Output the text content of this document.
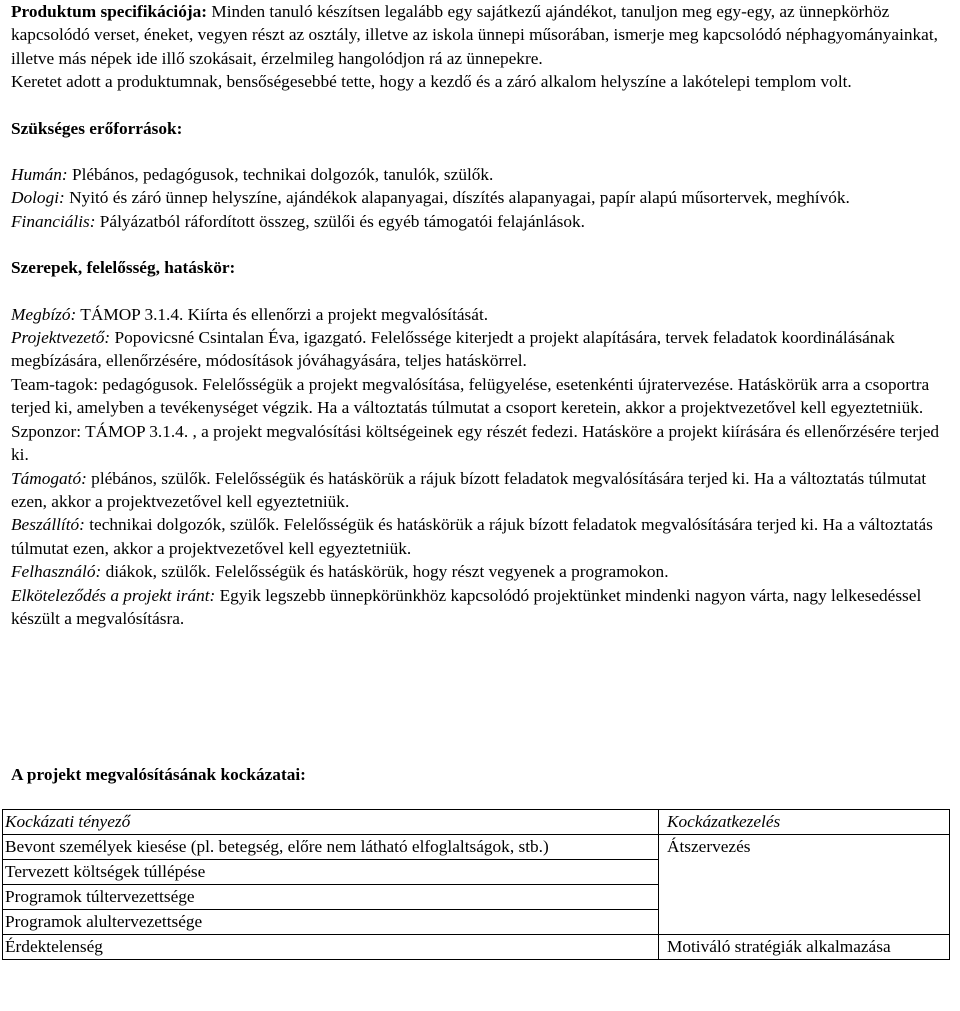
Produktum specifikációja: Minden tanuló készítsen legalább egy sajátkezű ajándékot, tanuljon meg egy-egy, az ünnepkörhöz kapcsolódó verset, éneket, vegyen részt az osztály, illetve az iskola ünnepi műsorában, ismerje meg kapcsolódó néphagyományainkat, illetve más népek ide illő szokásait, érzelmileg hangolódjon rá az ünnepekre.

Keretet adott a produktumnak, bensőségesebbé tette, hogy a kezdő és a záró alkalom helyszíne a lakótelepi templom volt.

Szükséges erőforrások:

Humán: Plébános, pedagógusok, technikai dolgozók, tanulók, szülők.

Dologi: Nyitó és záró ünnep helyszíne, ajándékok alapanyagai, díszítés alapanyagai, papír alapú műsortervek, meghívók.

Financiális: Pályázatból ráfordított összeg, szülői és egyéb támogatói felajánlások.

Szerepek, felelősség, hatáskör:

Megbízó: TÁMOP 3.1.4. Kiírta és ellenőrzi a projekt megvalósítását.

Projektvezető: Popovicsné Csintalan Éva, igazgató. Felelőssége kiterjedt a projekt alapítására, tervek feladatok koordinálásának megbízására, ellenőrzésére, módosítások jóváhagyására, teljes hatáskörrel.

Team-tagok: pedagógusok. Felelősségük a projekt megvalósítása, felügyelése, esetenkénti újratervezése. Hatáskörük arra a csoportra terjed ki, amelyben a tevékenységet végzik. Ha a változtatás túlmutat a csoport keretein, akkor a projektvezetővel kell egyeztetniük.

Szponzor: TÁMOP 3.1.4. , a projekt megvalósítási költségeinek egy részét fedezi. Hatásköre a projekt kiírására és ellenőrzésére terjed ki.

Támogató: plébános, szülők. Felelősségük és hatáskörük a rájuk bízott feladatok megvalósítására terjed ki. Ha a változtatás túlmutat ezen, akkor a projektvezetővel kell egyeztetniük.

Beszállító: technikai dolgozók, szülők. Felelősségük és hatáskörük a rájuk bízott feladatok megvalósítására terjed ki. Ha a változtatás túlmutat ezen, akkor a projektvezetővel kell egyeztetniük.

Felhasználó: diákok, szülők. Felelősségük és hatáskörük, hogy részt vegyenek a programokon.

Elköteleződés a projekt iránt: Egyik legszebb ünnepkörünkhöz kapcsolódó projektünket mindenki nagyon várta, nagy lelkesedéssel készült a megvalósításra.

A projekt megvalósításának kockázatai:

Kockázati tényező	Kockázatkezelés
Bevont személyek kiesése (pl. betegség, előre nem látható elfoglaltságok, stb.)	Átszervezés
Tervezett költségek túllépése	
Programok túltervezettsége	
Programok alultervezettsége	
Érdektelenség	Motiváló stratégiák alkalmazása
